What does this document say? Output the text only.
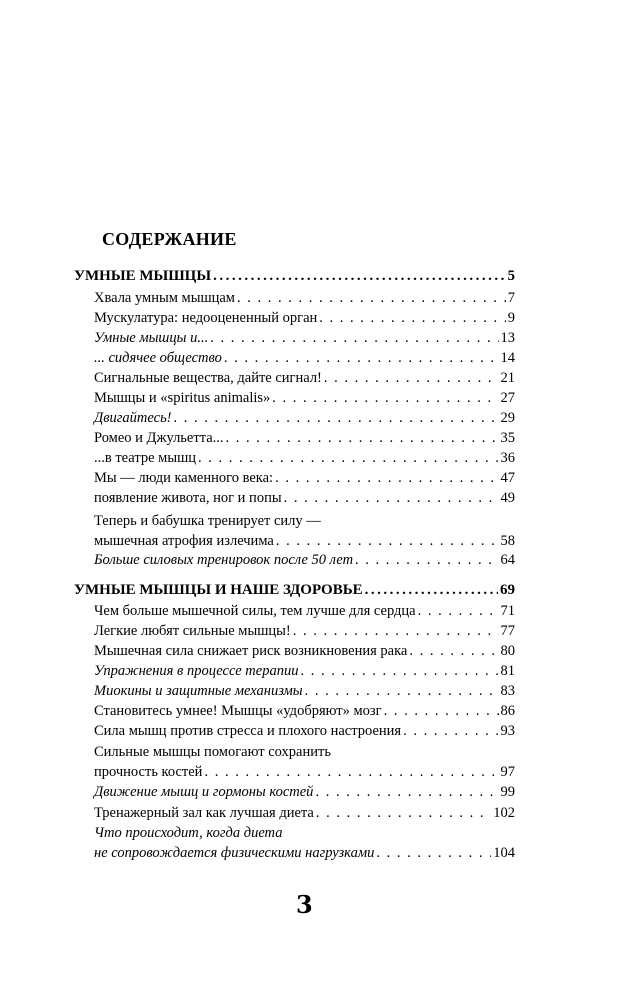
СОДЕРЖАНИЕ
УМНЫЕ МЫШЦЫ .....	5
Хвала умным мышцам . . .	7
Мускулатура: недооцененный орган . . .	9
Умные мышцы и... . . .	13
... сидячее общество . . .	14
Сигнальные вещества, дайте сигнал! . . .	21
Мышцы и «spiritus animalis» . . .	27
Двигайтесь! . . .	29
Ромео и Джульетта... . . .	35
...в театре мышц . . .	36
Мы — люди каменного века: . . .	47
появление живота, ног и попы . . .	49
Теперь и бабушка тренирует силу —
мышечная атрофия излечима . . .	58
Больше силовых тренировок после 50 лет . . .	64
УМНЫЕ МЫШЦЫ И НАШЕ ЗДОРОВЬЕ .....	69
Чем больше мышечной силы, тем лучше для сердца . . .	71
Легкие любят сильные мышцы! . . .	77
Мышечная сила снижает риск возникновения рака . . .	80
Упражнения в процессе терапии . . .	81
Миокины и защитные механизмы . . .	83
Становитесь умнее! Мышцы «удобряют» мозг . . .	86
Сила мышц против стресса и плохого настроения . . .	93
Сильные мышцы помогают сохранить
прочность костей . . .	97
Движение мышц и гормоны костей . . .	99
Тренажерный зал как лучшая диета . . .	102
Что происходит, когда диета
не сопровождается физическими нагрузками . . .	104
3
